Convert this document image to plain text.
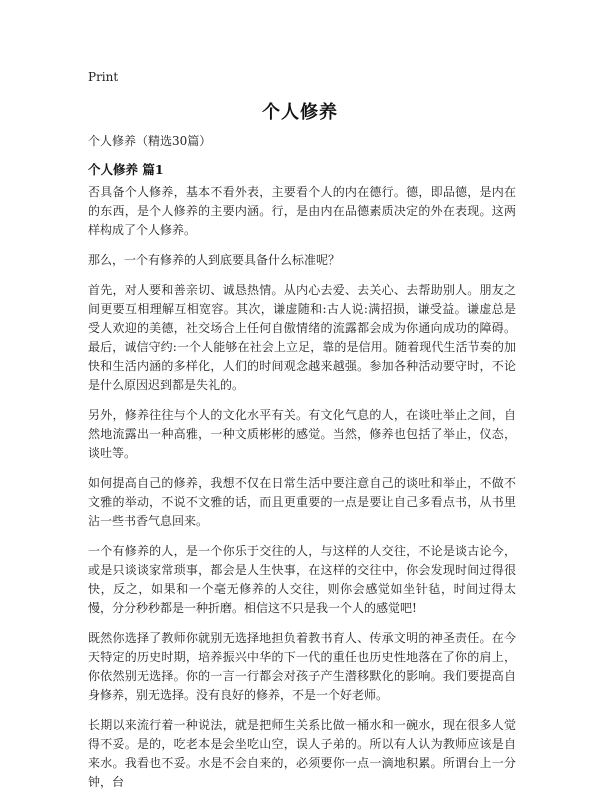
Print
个人修养
个人修养（精选30篇）
个人修养 篇1

否具备个人修养，基本不看外表，主要看个人的内在德行。德，即品德，是内在的东西，是个人修养的主要内涵。行，是由内在品德素质决定的外在表现。这两样构成了个人修养。

那么，一个有修养的人到底要具备什么标准呢？

首先，对人要和善亲切、诚恳热情。从内心去爱、去关心、去帮助别人。朋友之间更要互相理解互相宽容。其次，谦虚随和:古人说:满招损，谦受益。谦虚总是受人欢迎的美德，社交场合上任何自傲情绪的流露都会成为你通向成功的障碍。最后，诚信守约:一个人能够在社会上立足，靠的是信用。随着现代生活节奏的加快和生活内涵的多样化，人们的时间观念越来越强。参加各种活动要守时，不论是什么原因迟到都是失礼的。

另外，修养往往与个人的文化水平有关。有文化气息的人，在谈吐举止之间，自然地流露出一种高雅，一种文质彬彬的感觉。当然，修养也包括了举止，仪态，谈吐等。

如何提高自己的修养，我想不仅在日常生活中要注意自己的谈吐和举止，不做不文雅的举动，不说不文雅的话，而且更重要的一点是要让自己多看点书，从书里沾一些书香气息回来。

一个有修养的人，是一个你乐于交往的人，与这样的人交往，不论是谈古论今，或是只谈谈家常琐事，都会是人生快事，在这样的交往中，你会发现时间过得很快，反之，如果和一个毫无修养的人交往，则你会感觉如坐针毡，时间过得太慢，分分秒秒都是一种折磨。相信这不只是我一个人的感觉吧!

既然你选择了教师你就别无选择地担负着教书育人、传承文明的神圣责任。在今天特定的历史时期，培养振兴中华的下一代的重任也历史性地落在了你的肩上，你依然别无选择。你的一言一行都会对孩子产生潜移默化的影响。我们要提高自身修养，别无选择。没有良好的修养，不是一个好老师。

长期以来流行着一种说法，就是把师生关系比做一桶水和一碗水，现在很多人觉得不妥。是的，吃老本是会坐吃山空，误人子弟的。所以有人认为教师应该是自来水。我看也不妥。水是不会自来的，必须要你一点一滴地积累。所谓台上一分钟，台
